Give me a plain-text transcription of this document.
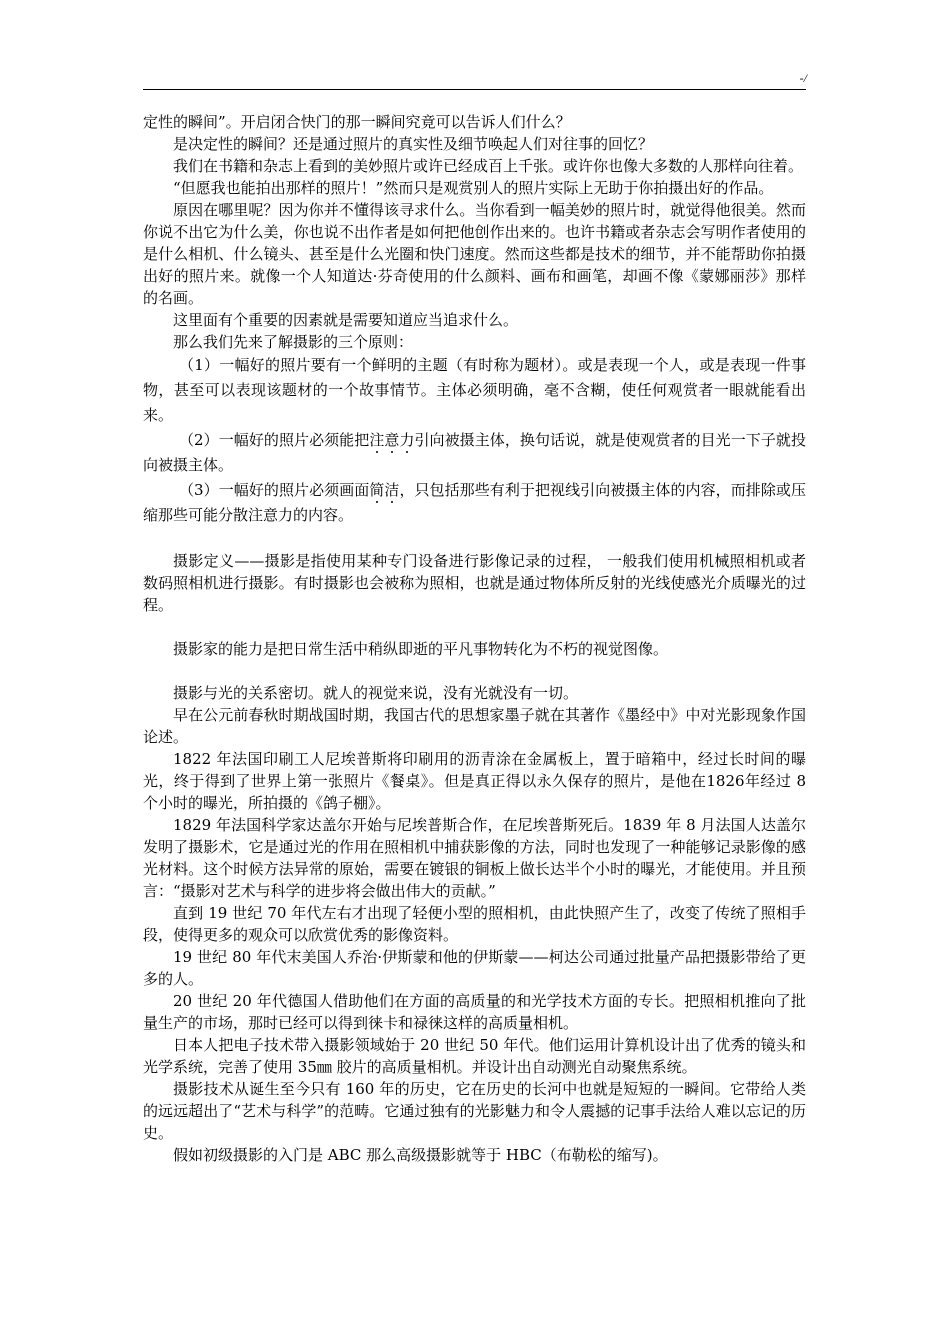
-/

定性的瞬间”。开启闭合快门的那一瞬间究竟可以告诉人们什么？

是决定性的瞬间？还是通过照片的真实性及细节唤起人们对往事的回忆？

我们在书籍和杂志上看到的美妙照片或许已经成百上千张。或许你也像大多数的人那样向往着。

“但愿我也能拍出那样的照片！”然而只是观赏别人的照片实际上无助于你拍摄出好的作品。

原因在哪里呢？因为你并不懂得该寻求什么。当你看到一幅美妙的照片时，就觉得他很美。然而你说不出它为什么美，你也说不出作者是如何把他创作出来的。也许书籍或者杂志会写明作者使用的是什么相机、什么镜头、甚至是什么光圈和快门速度。然而这些都是技术的细节，并不能帮助你拍摄出好的照片来。就像一个人知道达·芬奇使用的什么颜料、画布和画笔，却画不像《蒙娜丽莎》那样的名画。

这里面有个重要的因素就是需要知道应当追求什么。

那么我们先来了解摄影的三个原则：

（1）一幅好的照片要有一个鲜明的主题（有时称为题材）。或是表现一个人，或是表现一件事物，甚至可以表现该题材的一个故事情节。主体必须明确，毫不含糊，使任何观赏者一眼就能看出来。

（2）一幅好的照片必须能把注意力引向被摄主体，换句话说，就是使观赏者的目光一下子就投向被摄主体。

（3）一幅好的照片必须画面简洁，只包括那些有利于把视线引向被摄主体的内容，而排除或压缩那些可能分散注意力的内容。

摄影定义——摄影是指使用某种专门设备进行影像记录的过程， 一般我们使用机械照相机或者数码照相机进行摄影。有时摄影也会被称为照相，也就是通过物体所反射的光线使感光介质曝光的过程。

摄影家的能力是把日常生活中稍纵即逝的平凡事物转化为不朽的视觉图像。

摄影与光的关系密切。就人的视觉来说，没有光就没有一切。

早在公元前春秋时期战国时期，我国古代的思想家墨子就在其著作《墨经中》中对光影现象作国论述。

1822 年法国印刷工人尼埃普斯将印刷用的沥青涂在金属板上，置于暗箱中，经过长时间的曝光，终于得到了世界上第一张照片《餐桌》。但是真正得以永久保存的照片，是他在1826年经过 8 个小时的曝光，所拍摄的《鸽子棚》。

1829 年法国科学家达盖尔开始与尼埃普斯合作，在尼埃普斯死后。1839 年 8 月法国人达盖尔发明了摄影术，它是通过光的作用在照相机中捕获影像的方法，同时也发现了一种能够记录影像的感光材料。这个时候方法异常的原始，需要在镀银的铜板上做长达半个小时的曝光，才能使用。并且预言：“摄影对艺术与科学的进步将会做出伟大的贡献。”

直到 19 世纪 70 年代左右才出现了轻便小型的照相机，由此快照产生了，改变了传统了照相手段，使得更多的观众可以欣赏优秀的影像资料。

19 世纪 80 年代末美国人乔治·伊斯蒙和他的伊斯蒙——柯达公司通过批量产品把摄影带给了更多的人。

20 世纪 20 年代德国人借助他们在方面的高质量的和光学技术方面的专长。把照相机推向了批量生产的市场，那时已经可以得到徕卡和禄徕这样的高质量相机。

日本人把电子技术带入摄影领域始于 20 世纪 50 年代。他们运用计算机设计出了优秀的镜头和光学系统，完善了使用 35㎜ 胶片的高质量相机。并设计出自动测光自动聚焦系统。

摄影技术从诞生至今只有 160 年的历史，它在历史的长河中也就是短短的一瞬间。它带给人类的远远超出了“艺术与科学”的范畴。它通过独有的光影魅力和令人震撼的记事手法给人难以忘记的历史。

假如初级摄影的入门是 ABC 那么高级摄影就等于 HBC（布勒松的缩写)。
